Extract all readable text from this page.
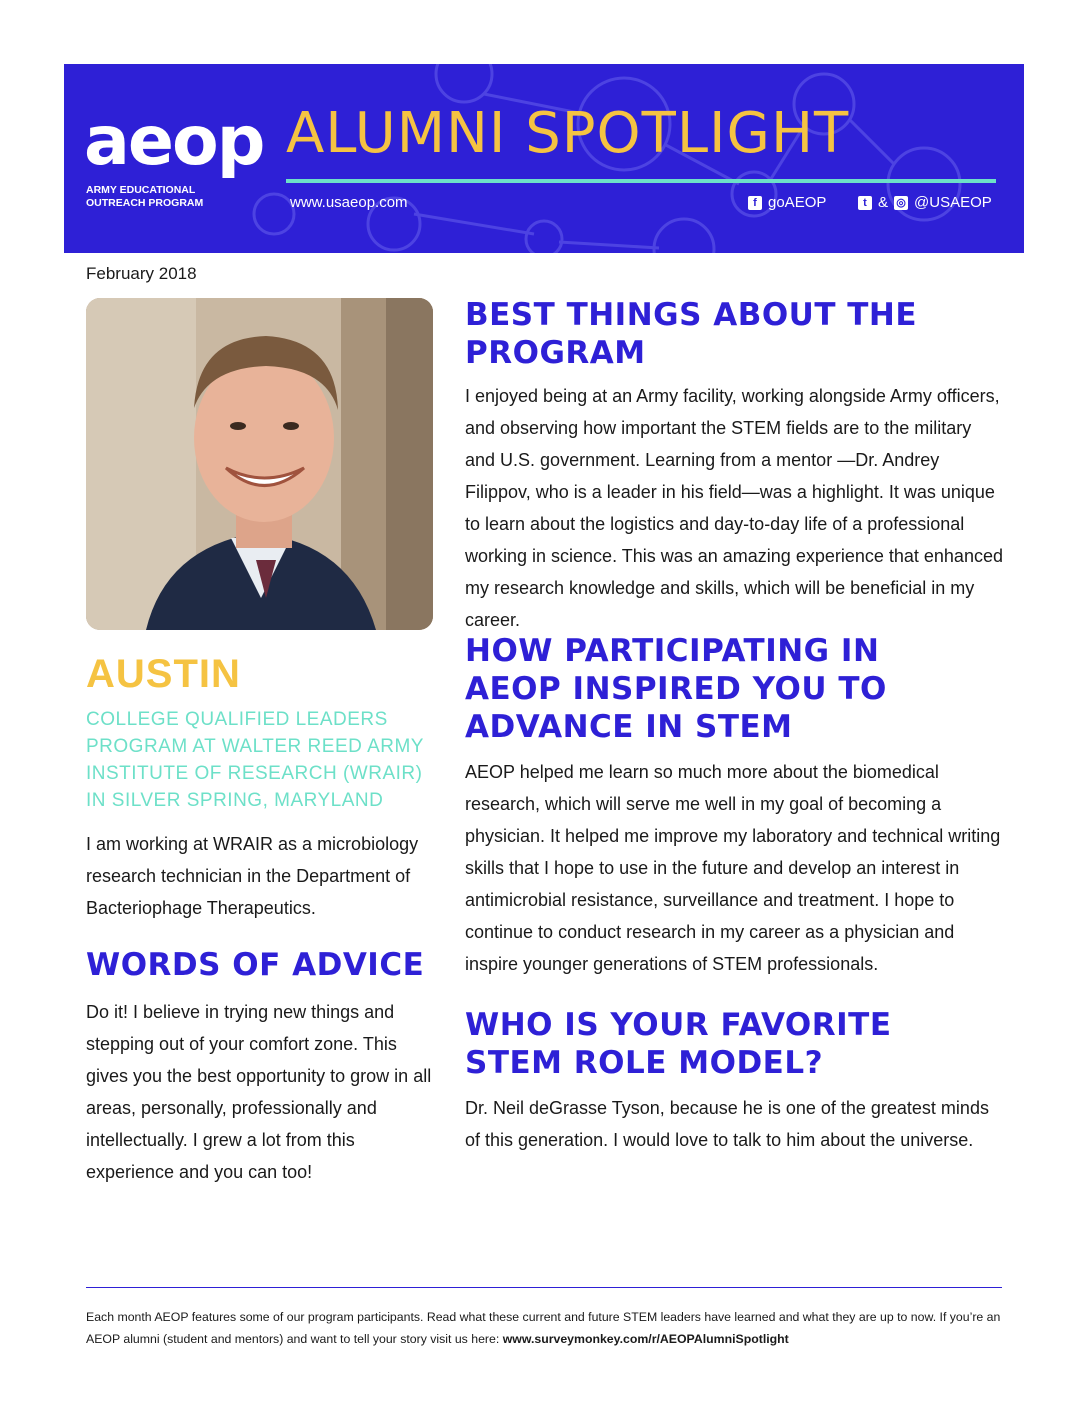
aeop
ARMY EDUCATIONAL
OUTREACH PROGRAM
ALUMNI SPOTLIGHT
www.usaeop.com	f goAEOP	t & ◎ @USAEOP
February 2018
AUSTIN
COLLEGE QUALIFIED LEADERS PROGRAM AT WALTER REED ARMY INSTITUTE OF RESEARCH (WRAIR) IN SILVER SPRING, MARYLAND
I am working at WRAIR as a microbiology research technician in the Department of Bacteriophage Therapeutics.
WORDS OF ADVICE
Do it! I believe in trying new things and stepping out of your comfort zone. This gives you the best opportunity to grow in all areas, personally, professionally and intellectually. I grew a lot from this experience and you can too!
BEST THINGS ABOUT THE PROGRAM
I enjoyed being at an Army facility, working alongside Army officers, and observing how important the STEM fields are to the military and U.S. government. Learning from a mentor —Dr. Andrey Filippov, who is a leader in his field—was a highlight. It was unique to learn about the logistics and day-to-day life of a professional working in science. This was an amazing experience that enhanced my research knowledge and skills, which will be beneficial in my career.
HOW PARTICIPATING IN AEOP INSPIRED YOU TO ADVANCE IN STEM
AEOP helped me learn so much more about the biomedical research, which will serve me well in my goal of becoming a physician. It helped me improve my laboratory and technical writing skills that I hope to use in the future and develop an interest in antimicrobial resistance, surveillance and treatment. I hope to continue to conduct research in my career as a physician and inspire younger generations of STEM professionals.
WHO IS YOUR FAVORITE STEM ROLE MODEL?
Dr. Neil deGrasse Tyson, because he is one of the greatest minds of this generation. I would love to talk to him about the universe.
Each month AEOP features some of our program participants. Read what these current and future STEM leaders have learned and what they are up to now. If you’re an AEOP alumni (student and mentors) and want to tell your story visit us here: www.surveymonkey.com/r/AEOPAlumniSpotlight
